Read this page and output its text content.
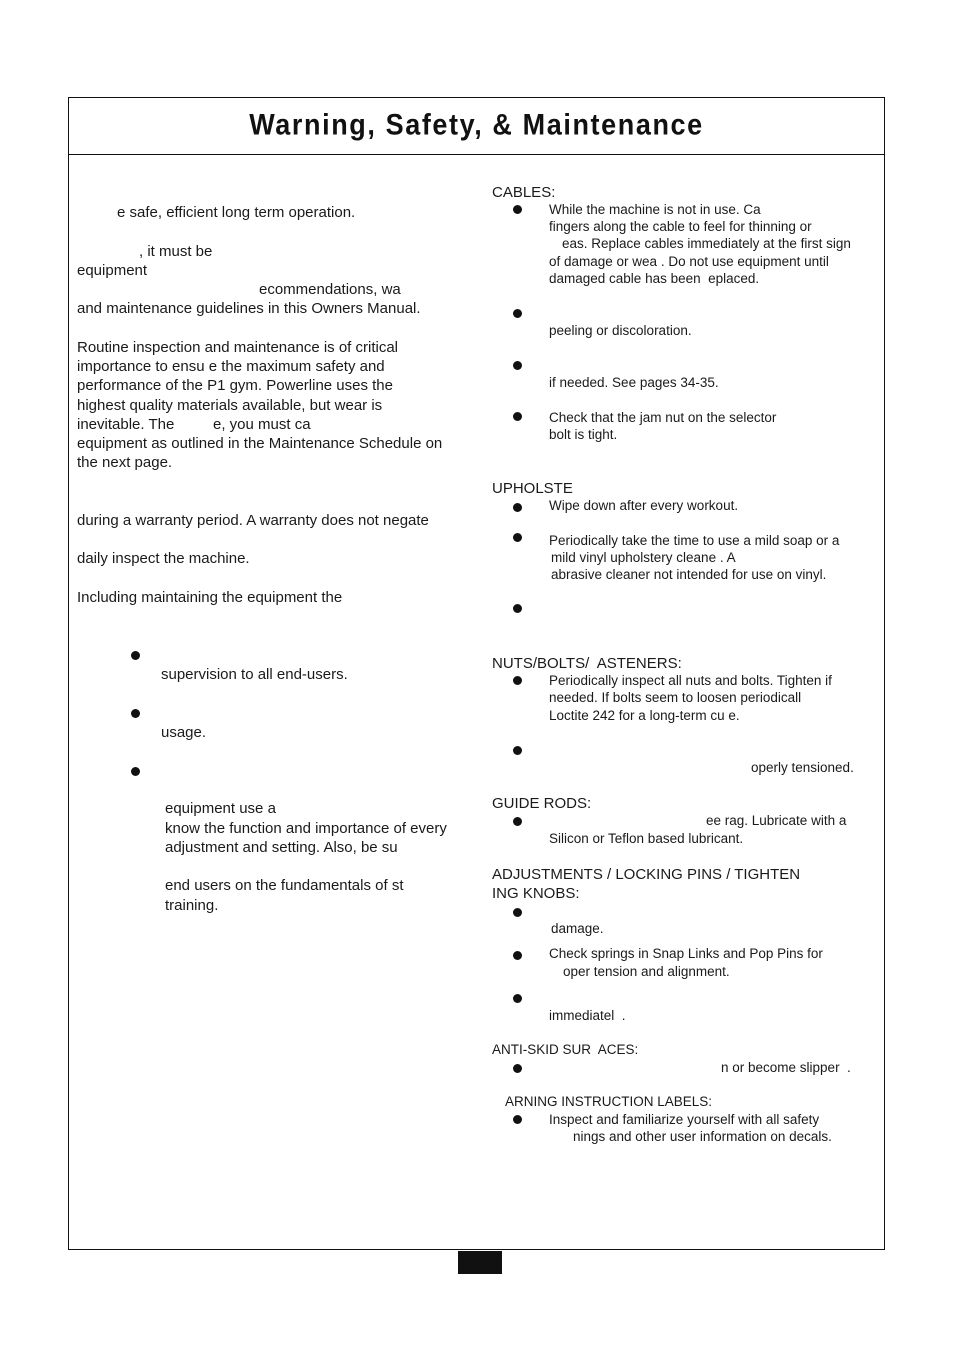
Warning, Safety, & Maintenance
e safe, efficient long term operation.
, it must be
equipment
ecommendations, wa
and maintenance guidelines in this Owners Manual.
Routine inspection and maintenance is of critical
importance to ensu e the maximum safety and
performance of the P1 gym. Powerline uses the
highest quality materials available, but wear is
inevitable. The	e, you must ca
equipment as outlined in the Maintenance Schedule on
the next page.
during a warranty period. A warranty does not negate
daily inspect the machine.
Including maintaining the equipment the
supervision to all end-users.
usage.
equipment use a
know the function and importance of every
adjustment and setting. Also, be su
end users on the fundamentals of st
training.
CABLES:
While the machine is not in use. Ca
fingers along the cable to feel for thinning or
eas. Replace cables immediately at the first sign
of damage or wea . Do not use equipment until
damaged cable has been  eplaced.
peeling or discoloration.
if needed. See pages 34-35.
Check that the jam nut on the selector
bolt is tight.
UPHOLSTE
Wipe down after every workout.
Periodically take the time to use a mild soap or a
mild vinyl upholstery cleane . A
abrasive cleaner not intended for use on vinyl.
NUTS/BOLTS/  ASTENERS:
Periodically inspect all nuts and bolts. Tighten if
needed. If bolts seem to loosen periodicall
Loctite 242 for a long-term cu e.
operly tensioned.
GUIDE RODS:
ee rag. Lubricate with a
Silicon or Teflon based lubricant.
ADJUSTMENTS / LOCKING PINS / TIGHTEN
ING KNOBS:
damage.
Check springs in Snap Links and Pop Pins for
oper tension and alignment.
immediatel  .
ANTI-SKID SUR  ACES:
n or become slipper  .
ARNING INSTRUCTION LABELS:
Inspect and familiarize yourself with all safety
nings and other user information on decals.
